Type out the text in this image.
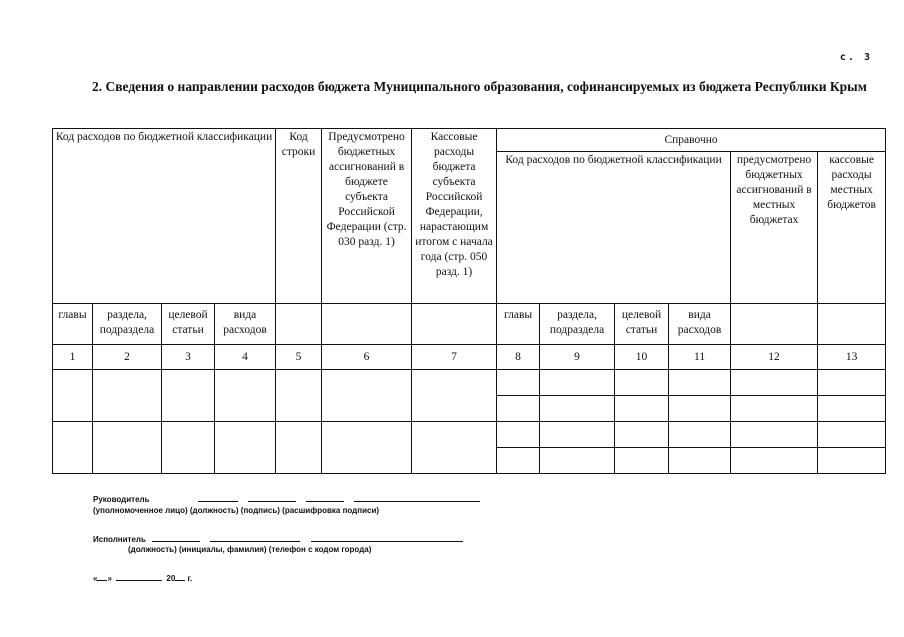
с. 3
2. Сведения о направлении расходов бюджета Муниципального образования, софинансируемых из бюджета Республики Крым
Код расходов по бюджетной классификации				Код строки	Предусмотрено бюджетных ассигнований в бюджете субъекта Российской Федерации (стр. 030 разд. 1)	Кассовые расходы бюджета субъекта Российской Федерации, нарастающим итогом с начала года (стр. 050 разд. 1)	Справочно					
							Код расходов по бюджетной классификации				предусмотрено бюджетных ассигнований в местных бюджетах	кассовые расходы местных бюджетов
главы	раздела, подраздела	целевой статьи	вида расходов				главы	раздела, подраздела	целевой статьи	вида расходов		
1	2	3	4	5	6	7	8	9	10	11	12	13

Руководитель
(уполномоченное лицо) (должность) (подпись) (расшифровка подписи)
Исполнитель
(должность) (инициалы, фамилия) (телефон с кодом города)
« »	20 г.
